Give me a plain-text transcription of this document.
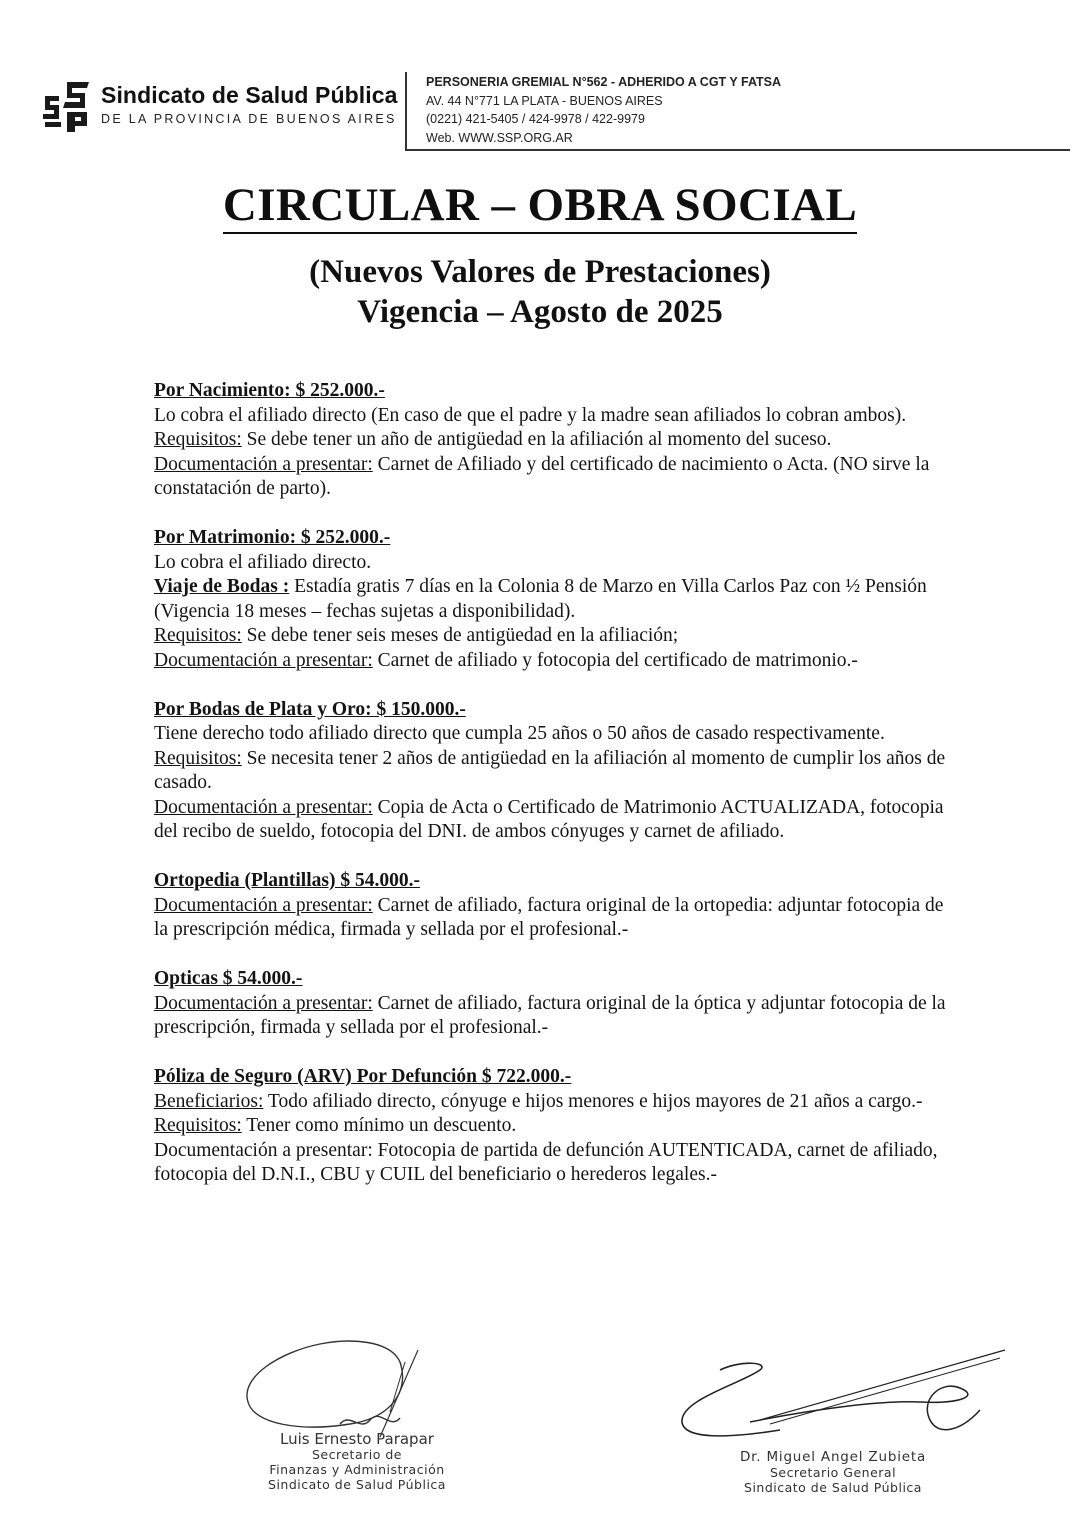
Sindicato de Salud Pública
DE LA PROVINCIA DE BUENOS AIRES
PERSONERIA GREMIAL N°562 - ADHERIDO A CGT Y FATSA
AV. 44 N°771 LA PLATA - BUENOS AIRES
(0221) 421-5405 / 424-9978 / 422-9979
Web. WWW.SSP.ORG.AR
CIRCULAR – OBRA SOCIAL
(Nuevos Valores de Prestaciones)
Vigencia – Agosto de 2025

Por Nacimiento: $ 252.000.-

Lo cobra el afiliado directo (En caso de que el padre y la madre sean afiliados lo cobran ambos).

Requisitos: Se debe tener un año de antigüedad en la afiliación al momento del suceso.

Documentación a presentar: Carnet de Afiliado y del certificado de nacimiento o Acta. (NO sirve la constatación de parto).

Por Matrimonio: $ 252.000.-

Lo cobra el afiliado directo.

Viaje de Bodas : Estadía gratis 7 días en la Colonia 8 de Marzo en Villa Carlos Paz con ½ Pensión (Vigencia 18 meses – fechas sujetas a disponibilidad).

Requisitos: Se debe tener seis meses de antigüedad en la afiliación;

Documentación a presentar: Carnet de afiliado y fotocopia del certificado de matrimonio.-

Por Bodas de Plata y Oro: $ 150.000.-

Tiene derecho todo afiliado directo que cumpla 25 años o 50 años de casado respectivamente.

Requisitos: Se necesita tener 2 años de antigüedad en la afiliación al momento de cumplir los años de casado.

Documentación a presentar: Copia de Acta o Certificado de Matrimonio ACTUALIZADA, fotocopia del recibo de sueldo, fotocopia del DNI. de ambos cónyuges y carnet de afiliado.

Ortopedia (Plantillas) $ 54.000.-

Documentación a presentar: Carnet de afiliado, factura original de la ortopedia: adjuntar fotocopia de la prescripción médica, firmada y sellada por el profesional.-

Opticas $ 54.000.-

Documentación a presentar: Carnet de afiliado, factura original de la óptica y adjuntar fotocopia de la prescripción, firmada y sellada por el profesional.-

Póliza de Seguro (ARV) Por Defunción $ 722.000.-

Beneficiarios: Todo afiliado directo, cónyuge e hijos menores e hijos mayores de 21 años a cargo.-

Requisitos: Tener como mínimo un descuento.

Documentación a presentar: Fotocopia de partida de defunción AUTENTICADA, carnet de afiliado, fotocopia del D.N.I., CBU y CUIL del beneficiario o herederos legales.-

Luis Ernesto Parapar
Secretario de
Finanzas y Administración
Sindicato de Salud Pública
Dr. Miguel Angel Zubieta
Secretario General
Sindicato de Salud Pública
